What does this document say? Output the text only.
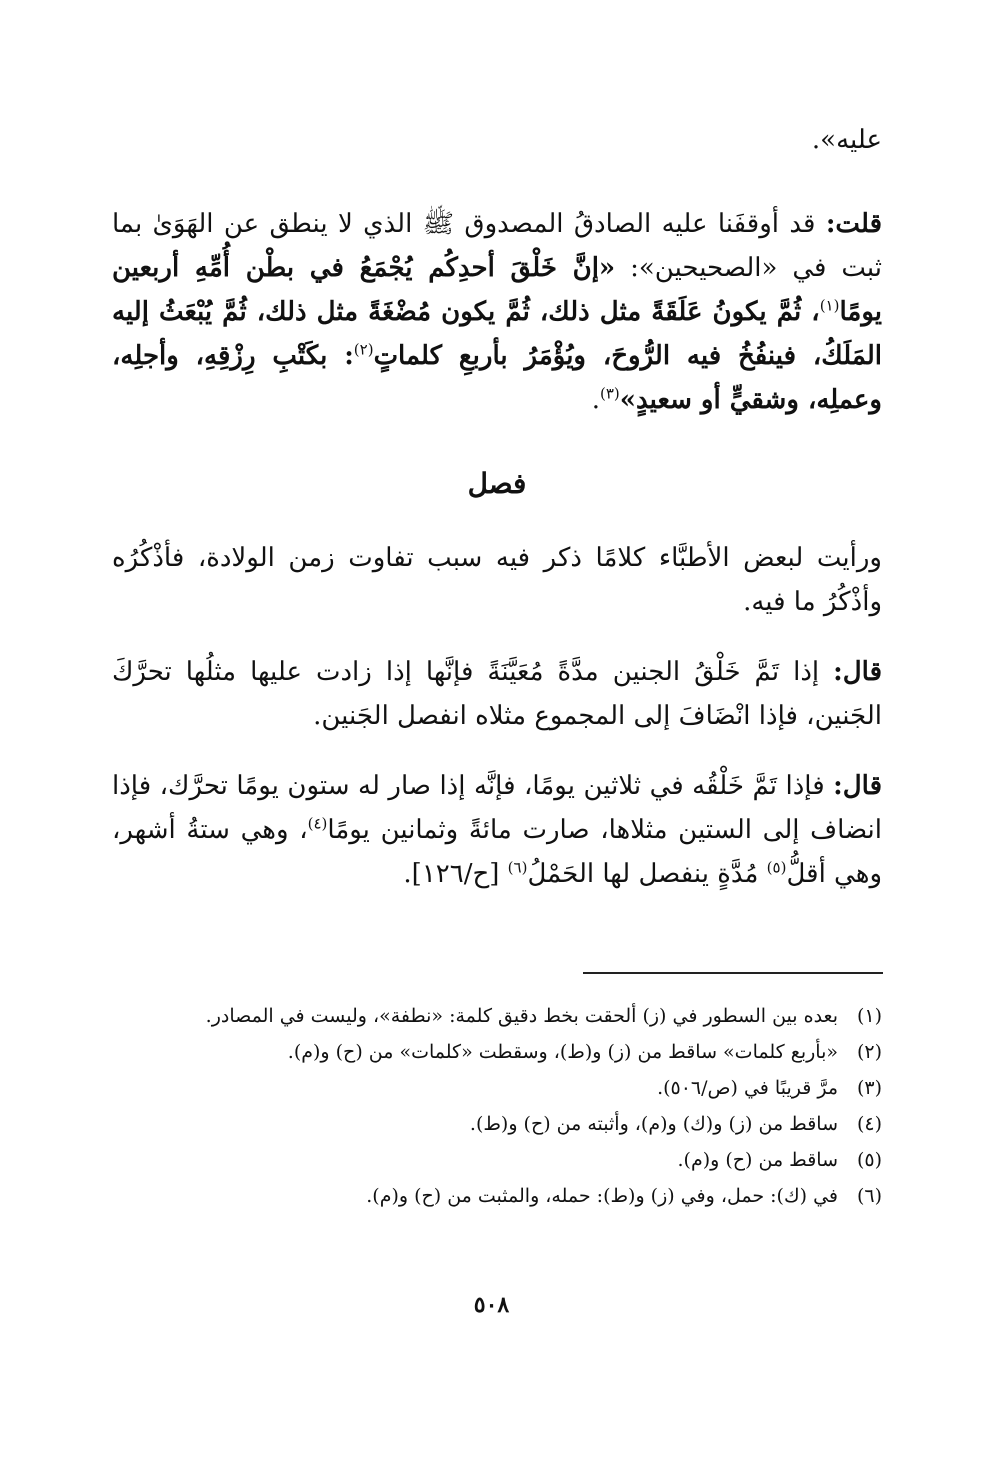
عليه».

قلت: قد أوقفَنا عليه الصادقُ المصدوق ﷺ الذي لا ينطق عن الهَوَىٰ بما ثبت في «الصحيحين»: «إنَّ خَلْقَ أحدِكُم يُجْمَعُ في بطْن أُمِّهِ أربعين يومًا$^{(١)}$، ثُمَّ يكونُ عَلَقَةً مثل ذلك، ثُمَّ يكون مُضْغَةً مثل ذلك، ثُمَّ يُبْعَثُ إليه المَلَكُ، فينفُخُ فيه الرُّوحَ، ويُؤْمَرُ بأربعِ كلماتٍ$^{(٢)}$: بكَتْبِ رِزْقِهِ، وأجلِه، وعملِه، وشقيٍّ أو سعيدٍ»$^{(٣)}$.

فصل

ورأيت لبعض الأطبَّاء كلامًا ذكر فيه سبب تفاوت زمن الولادة، فأذْكُرُه وأذْكُرُ ما فيه.

قال: إذا تَمَّ خَلْقُ الجنين مدَّةً مُعَيَّنَةً فإنَّها إذا زادت عليها مثلُها تحرَّكَ الجَنين، فإذا انْضَافَ إلى المجموع مثلاه انفصل الجَنين.

قال: فإذا تَمَّ خَلْقُه في ثلاثين يومًا، فإنَّه إذا صار له ستون يومًا تحرَّك، فإذا انضاف إلى الستين مثلاها، صارت مائةً وثمانين يومًا$^{(٤)}$، وهي ستةُ أشهر، وهي أقلُّ$^{(٥)}$ مُدَّةٍ ينفصل لها الحَمْلُ$^{(٦)}$ [ح/١٢٦].

(١)
بعده بين السطور في (ز) ألحقت بخط دقيق كلمة: «نطفة»، وليست في المصادر.
(٢)
«بأربع كلمات» ساقط من (ز) و(ط)، وسقطت «كلمات» من (ح) و(م).
(٣)
مرَّ قريبًا في (ص/٥٠٦).
(٤)
ساقط من (ز) و(ك) و(م)، وأثبته من (ح) و(ط).
(٥)
ساقط من (ح) و(م).
(٦)
في (ك): حمل، وفي (ز) و(ط): حمله، والمثبت من (ح) و(م).
٥٠٨
